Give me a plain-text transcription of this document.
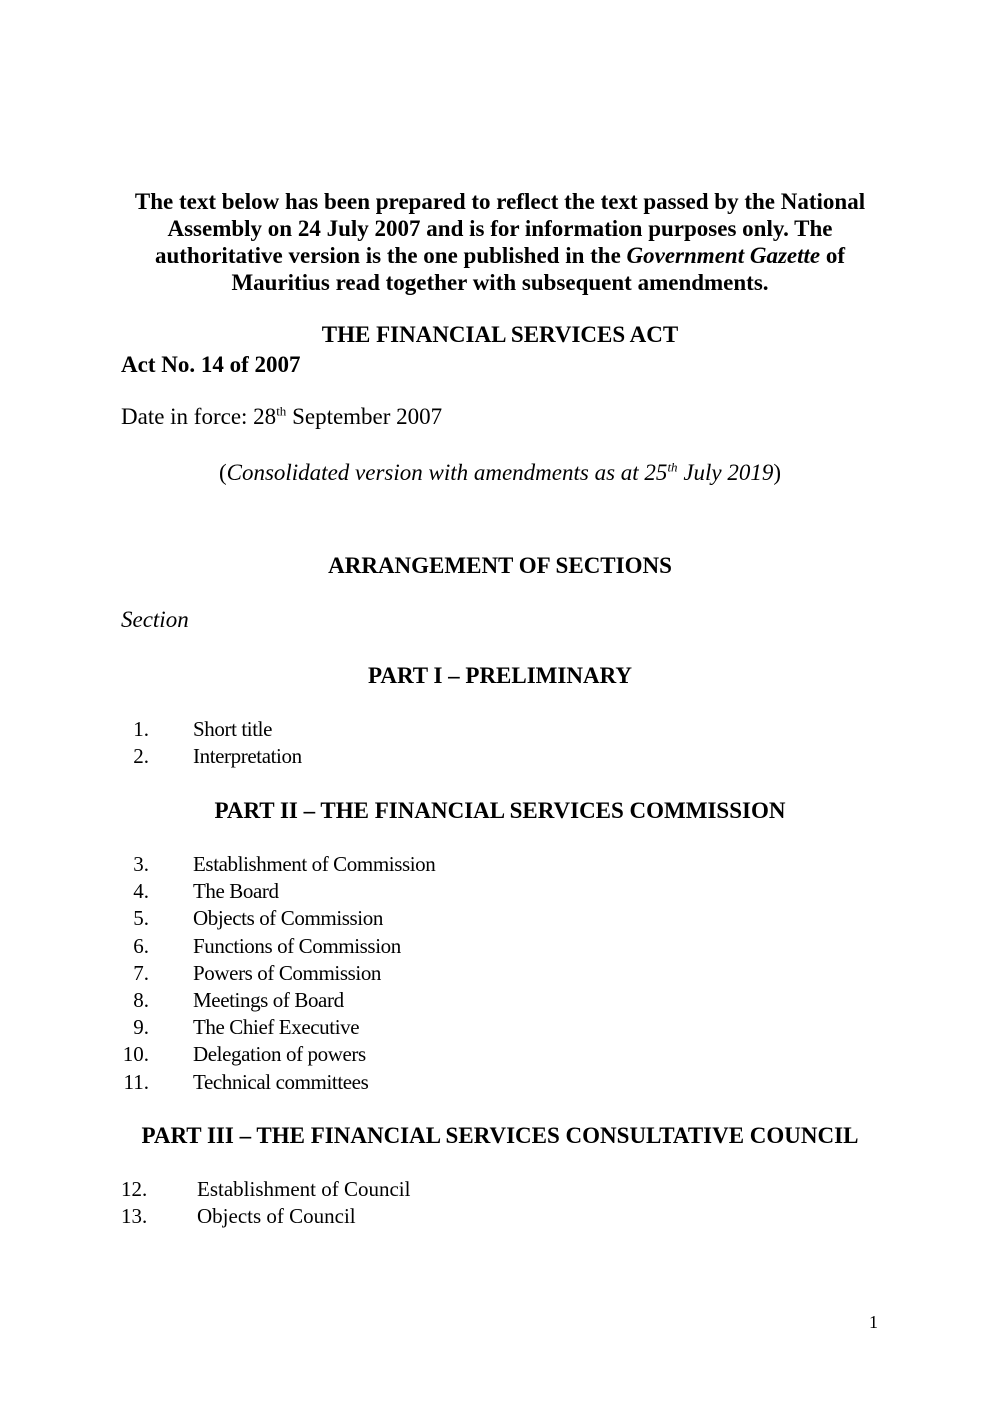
The text below has been prepared to reflect the text passed by the National
Assembly on 24 July 2007 and is for information purposes only. The
authoritative version is the one published in the Government Gazette of
Mauritius read together with subsequent amendments.
THE FINANCIAL SERVICES ACT
Act No. 14 of 2007
Date in force: 28th September 2007
(Consolidated version with amendments as at 25th July 2019)
ARRANGEMENT OF SECTIONS
Section
PART I – PRELIMINARY
1. Short title
2. Interpretation
PART II – THE FINANCIAL SERVICES COMMISSION
3. Establishment of Commission
4. The Board
5. Objects of Commission
6. Functions of Commission
7. Powers of Commission
8. Meetings of Board
9. The Chief Executive
10. Delegation of powers
11. Technical committees
PART III – THE FINANCIAL SERVICES CONSULTATIVE COUNCIL
12. Establishment of Council
13. Objects of Council
1
